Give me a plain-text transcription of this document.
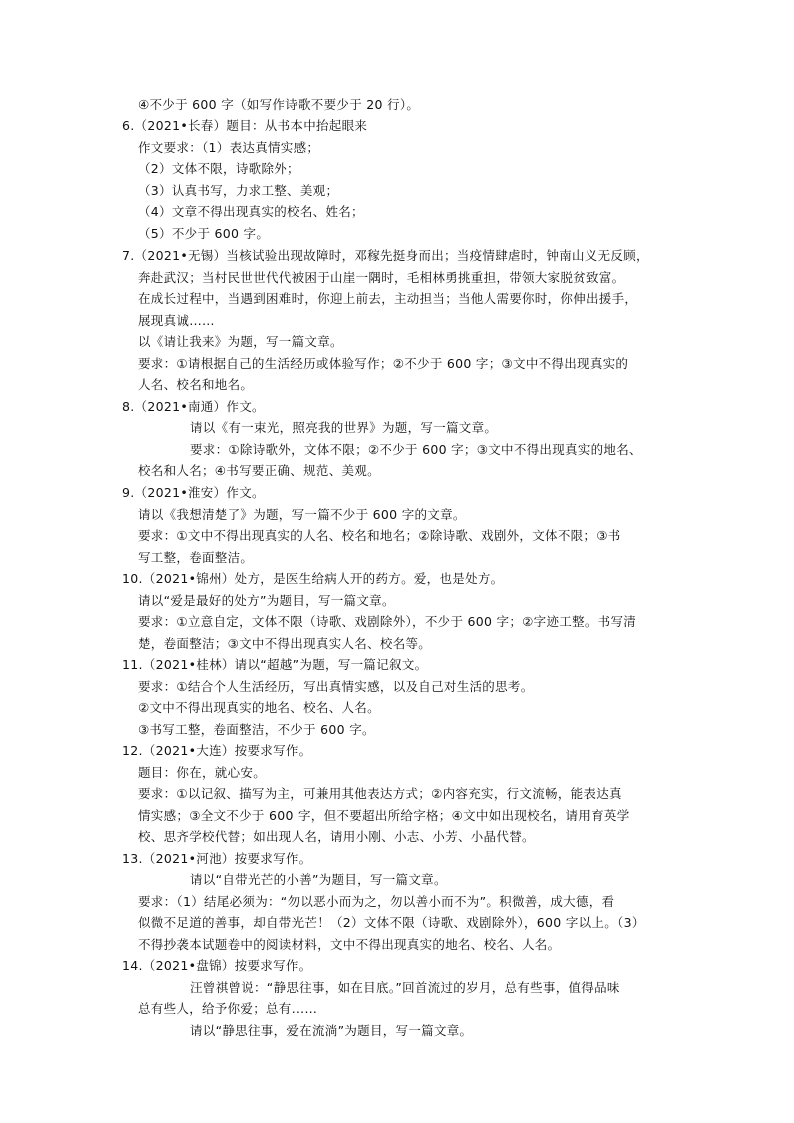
④不少于 600 字（如写作诗歌不要少于 20 行）。
6.（2021•长春）题目：从书本中抬起眼来
作文要求：（1）表达真情实感；
（2）文体不限，诗歌除外；
（3）认真书写，力求工整、美观；
（4）文章不得出现真实的校名、姓名；
（5）不少于 600 字。
7.（2021•无锡）当核试验出现故障时，邓稼先挺身而出；当疫情肆虐时，钟南山义无反顾，
奔赴武汉；当村民世世代代被困于山崖一隅时，毛相林勇挑重担，带领大家脱贫致富。
在成长过程中，当遇到困难时，你迎上前去，主动担当；当他人需要你时，你伸出援手，
展现真诚……
以《请让我来》为题，写一篇文章。
要求：①请根据自己的生活经历或体验写作；②不少于 600 字；③文中不得出现真实的
人名、校名和地名。
8.（2021•南通）作文。
请以《有一束光，照亮我的世界》为题，写一篇文章。
要求：①除诗歌外，文体不限；②不少于 600 字；③文中不得出现真实的地名、
校名和人名；④书写要正确、规范、美观。
9.（2021•淮安）作文。
请以《我想清楚了》为题，写一篇不少于 600 字的文章。
要求：①文中不得出现真实的人名、校名和地名；②除诗歌、戏剧外，文体不限；③书
写工整，卷面整洁。
10.（2021•锦州）处方，是医生给病人开的药方。爱，也是处方。
请以“爱是最好的处方”为题目，写一篇文章。
要求：①立意自定，文体不限（诗歌、戏剧除外），不少于 600 字；②字迹工整。书写清
楚，卷面整洁；③文中不得出现真实人名、校名等。
11.（2021•桂林）请以“超越”为题，写一篇记叙文。
要求：①结合个人生活经历，写出真情实感，以及自己对生活的思考。
②文中不得出现真实的地名、校名、人名。
③书写工整，卷面整洁，不少于 600 字。
12.（2021•大连）按要求写作。
题目：你在，就心安。
要求：①以记叙、描写为主，可兼用其他表达方式；②内容充实，行文流畅，能表达真
情实感；③全文不少于 600 字，但不要超出所给字格；④文中如出现校名，请用育英学
校、思齐学校代替；如出现人名，请用小刚、小志、小芳、小晶代替。
13.（2021•河池）按要求写作。
请以“自带光芒的小善”为题目，写一篇文章。
要求：（1）结尾必须为：“勿以恶小而为之，勿以善小而不为”。积微善，成大德，看
似微不足道的善事，却自带光芒！（2）文体不限（诗歌、戏剧除外），600 字以上。（3）
不得抄袭本试题卷中的阅读材料，文中不得出现真实的地名、校名、人名。
14.（2021•盘锦）按要求写作。
汪曾祺曾说：“静思往事，如在目底。”回首流过的岁月，总有些事，值得品味
总有些人，给予你爱；总有……
请以“静思往事，爱在流淌”为题目，写一篇文章。
